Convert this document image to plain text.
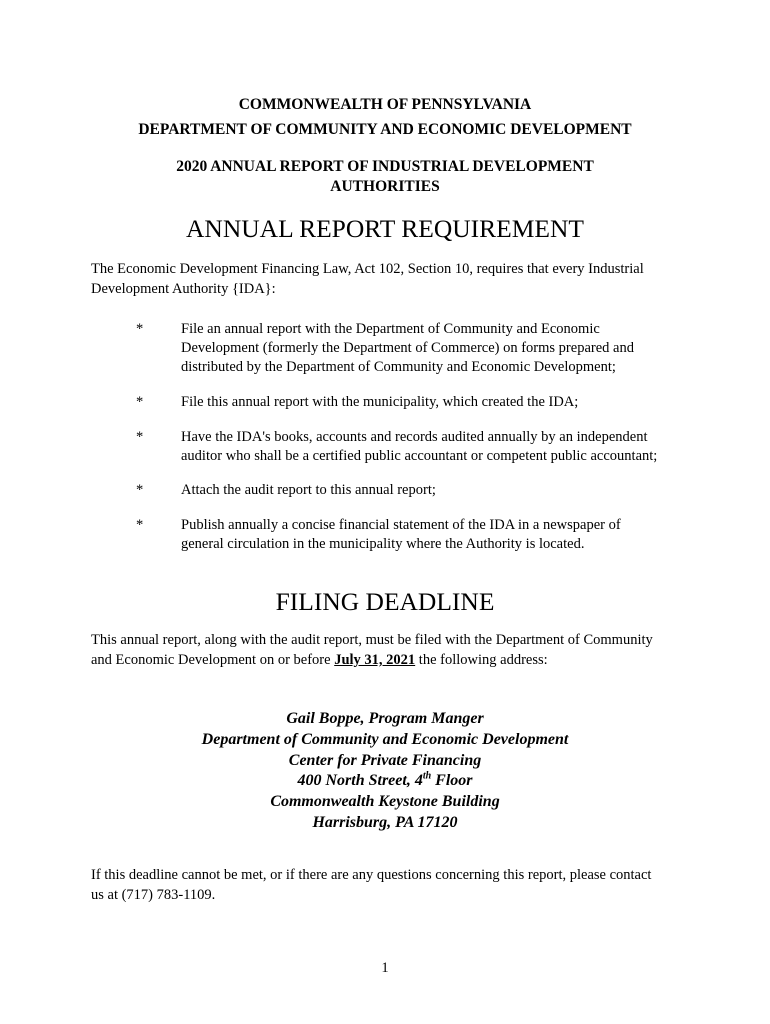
COMMONWEALTH OF PENNSYLVANIA
DEPARTMENT OF COMMUNITY AND ECONOMIC DEVELOPMENT
2020 ANNUAL REPORT OF INDUSTRIAL DEVELOPMENT
AUTHORITIES
ANNUAL REPORT REQUIREMENT
The Economic Development Financing Law, Act 102, Section 10, requires that every Industrial
Development Authority {IDA}:
*	File an annual report with the Department of Community and Economic
Development (formerly the Department of Commerce) on forms prepared and
distributed by the Department of Community and Economic Development;
*	File this annual report with the municipality, which created the IDA;
*	Have the IDA's books, accounts and records audited annually by an independent
auditor who shall be a certified public accountant or competent public accountant;
*	Attach the audit report to this annual report;
*	Publish annually a concise financial statement of the IDA in a newspaper of
general circulation in the municipality where the Authority is located.
FILING DEADLINE
This annual report, along with the audit report, must be filed with the Department of Community
and Economic Development on or before July 31, 2021 the following address:
Gail Boppe, Program Manger
Department of Community and Economic Development
Center for Private Financing
400 North Street, 4th Floor
Commonwealth Keystone Building
Harrisburg, PA 17120
If this deadline cannot be met, or if there are any questions concerning this report, please contact
us at (717) 783-1109.
1
